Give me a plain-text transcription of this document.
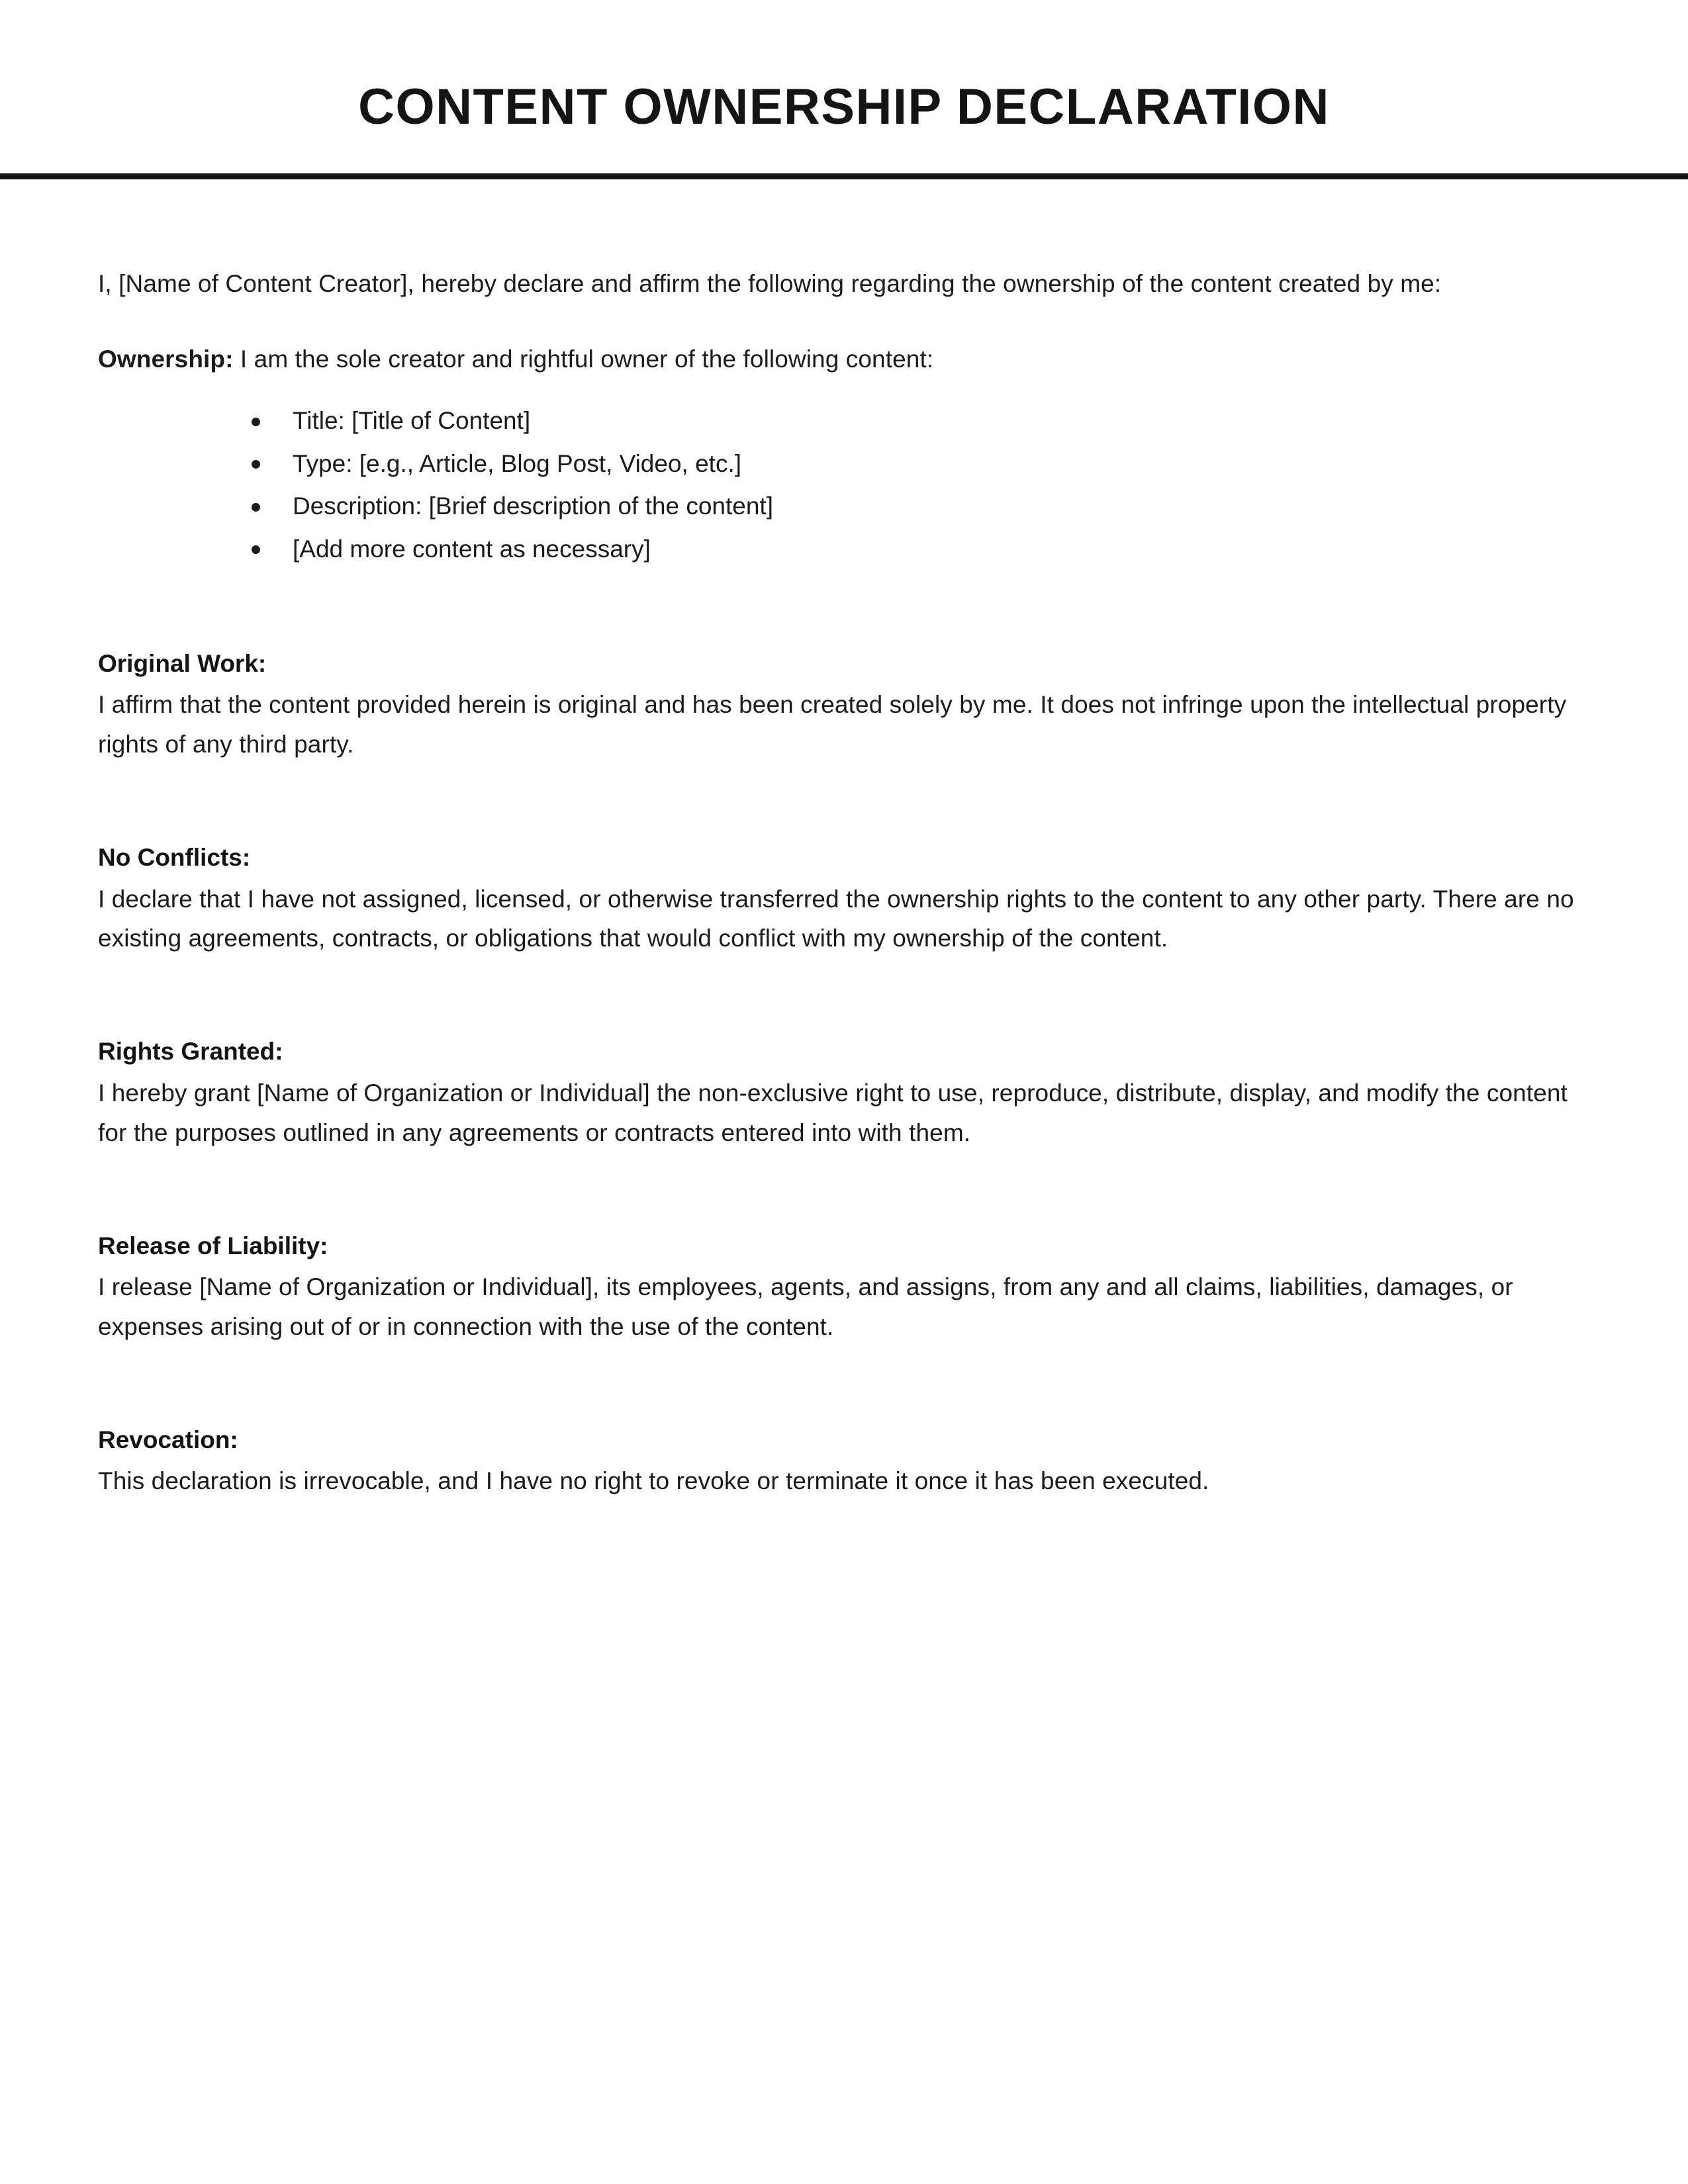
CONTENT OWNERSHIP DECLARATION

I, [Name of Content Creator], hereby declare and affirm the following regarding the ownership of the content created by me:

Ownership: I am the sole creator and rightful owner of the following content:

Title: [Title of Content]
Type: [e.g., Article, Blog Post, Video, etc.]
Description: [Brief description of the content]
[Add more content as necessary]
Original Work:

I affirm that the content provided herein is original and has been created solely by me. It does not infringe upon the intellectual property rights of any third party.

No Conflicts:

I declare that I have not assigned, licensed, or otherwise transferred the ownership rights to the content to any other party. There are no existing agreements, contracts, or obligations that would conflict with my ownership of the content.

Rights Granted:

I hereby grant [Name of Organization or Individual] the non-exclusive right to use, reproduce, distribute, display, and modify the content for the purposes outlined in any agreements or contracts entered into with them.

Release of Liability:

I release [Name of Organization or Individual], its employees, agents, and assigns, from any and all claims, liabilities, damages, or expenses arising out of or in connection with the use of the content.

Revocation:

This declaration is irrevocable, and I have no right to revoke or terminate it once it has been executed.
